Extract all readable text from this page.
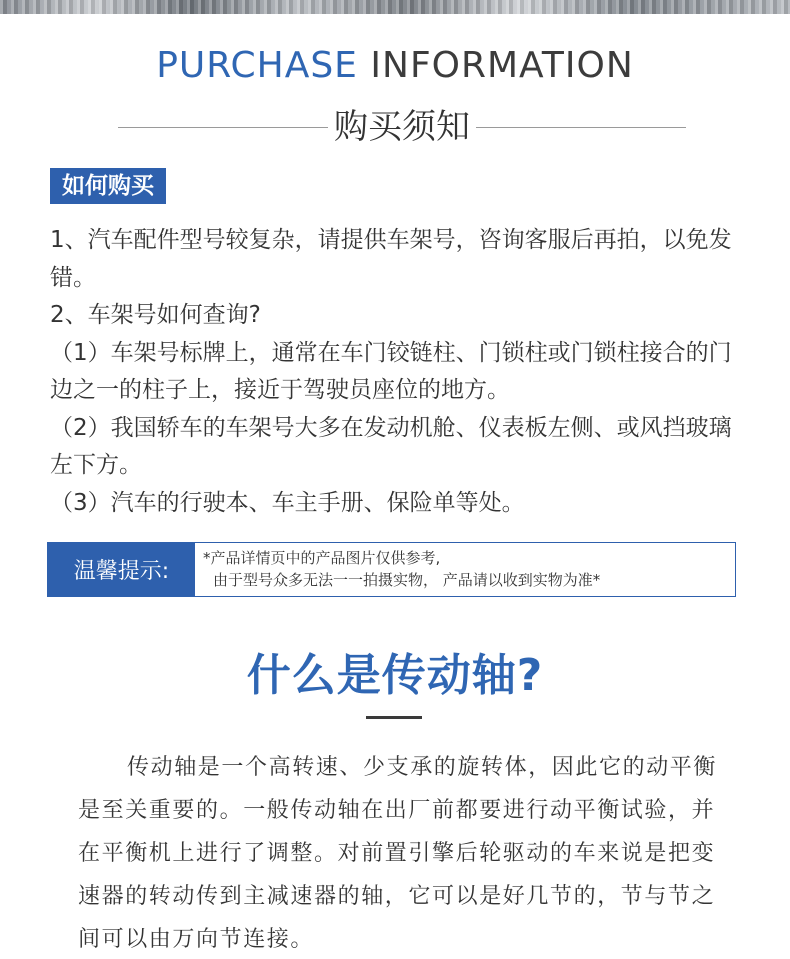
PURCHASE INFORMATION
购买须知
如何购买

1、汽车配件型号较复杂，请提供车架号，咨询客服后再拍，以免发错。

2、车架号如何查询?

（1）车架号标牌上，通常在车门铰链柱、门锁柱或门锁柱接合的门边之一的柱子上，接近于驾驶员座位的地方。

（2）我国轿车的车架号大多在发动机舱、仪表板左侧、或风挡玻璃左下方。

（3）汽车的行驶本、车主手册、保险单等处。

温馨提示:
*产品详情页中的产品图片仅供参考,
由于型号众多无法一一拍摄实物， 产品请以收到实物为准*
什么是传动轴?
传动轴是一个高转速、少支承的旋转体，因此它的动平衡是至关重要的。一般传动轴在出厂前都要进行动平衡试验，并在平衡机上进行了调整。对前置引擎后轮驱动的车来说是把变速器的转动传到主减速器的轴，它可以是好几节的，节与节之间可以由万向节连接。
